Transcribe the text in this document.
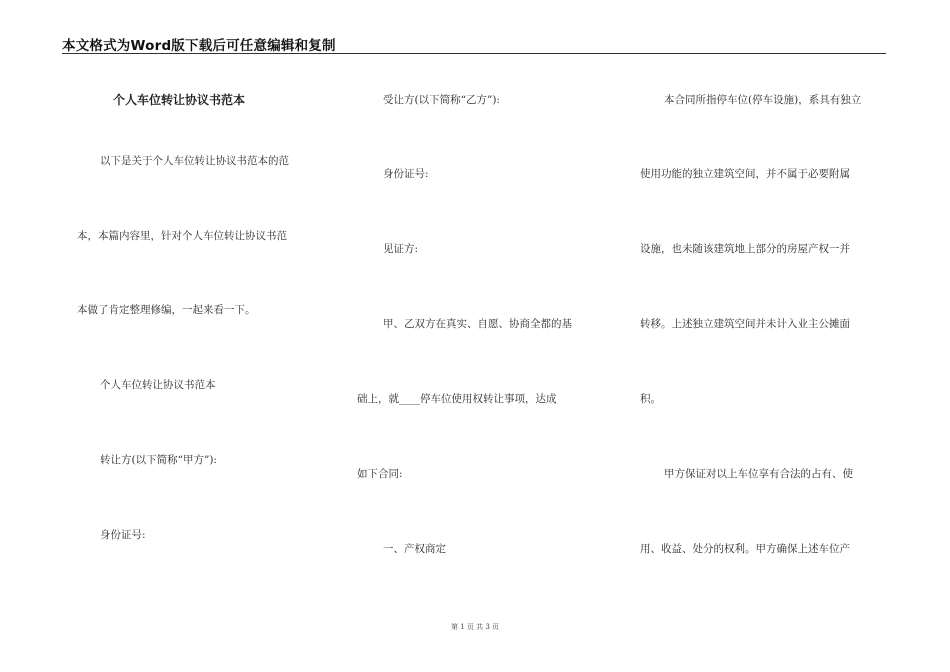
本文格式为Word版下载后可任意编辑和复制
个人车位转让协议书范本
以下是关于个人车位转让协议书范本的范
本，本篇内容里，针对个人车位转让协议书范
本做了肯定整理修编，一起来看一下。
个人车位转让协议书范本
转让方(以下简称“甲方”):
身份证号:
受让方(以下简称“乙方”):
身份证号:
见证方:
甲、乙双方在真实、自愿、协商全都的基
础上，就____停车位使用权转让事项，达成
如下合同:
一、产权商定
本合同所指停车位(停车设施)，系具有独立
使用功能的独立建筑空间，并不属于必要附属
设施，也未随该建筑地上部分的房屋产权一并
转移。上述独立建筑空间并未计入业主公摊面
积。
甲方保证对以上车位享有合法的占有、使
用、收益、处分的权利。甲方确保上述车位产
第 1 页 共 3 页
